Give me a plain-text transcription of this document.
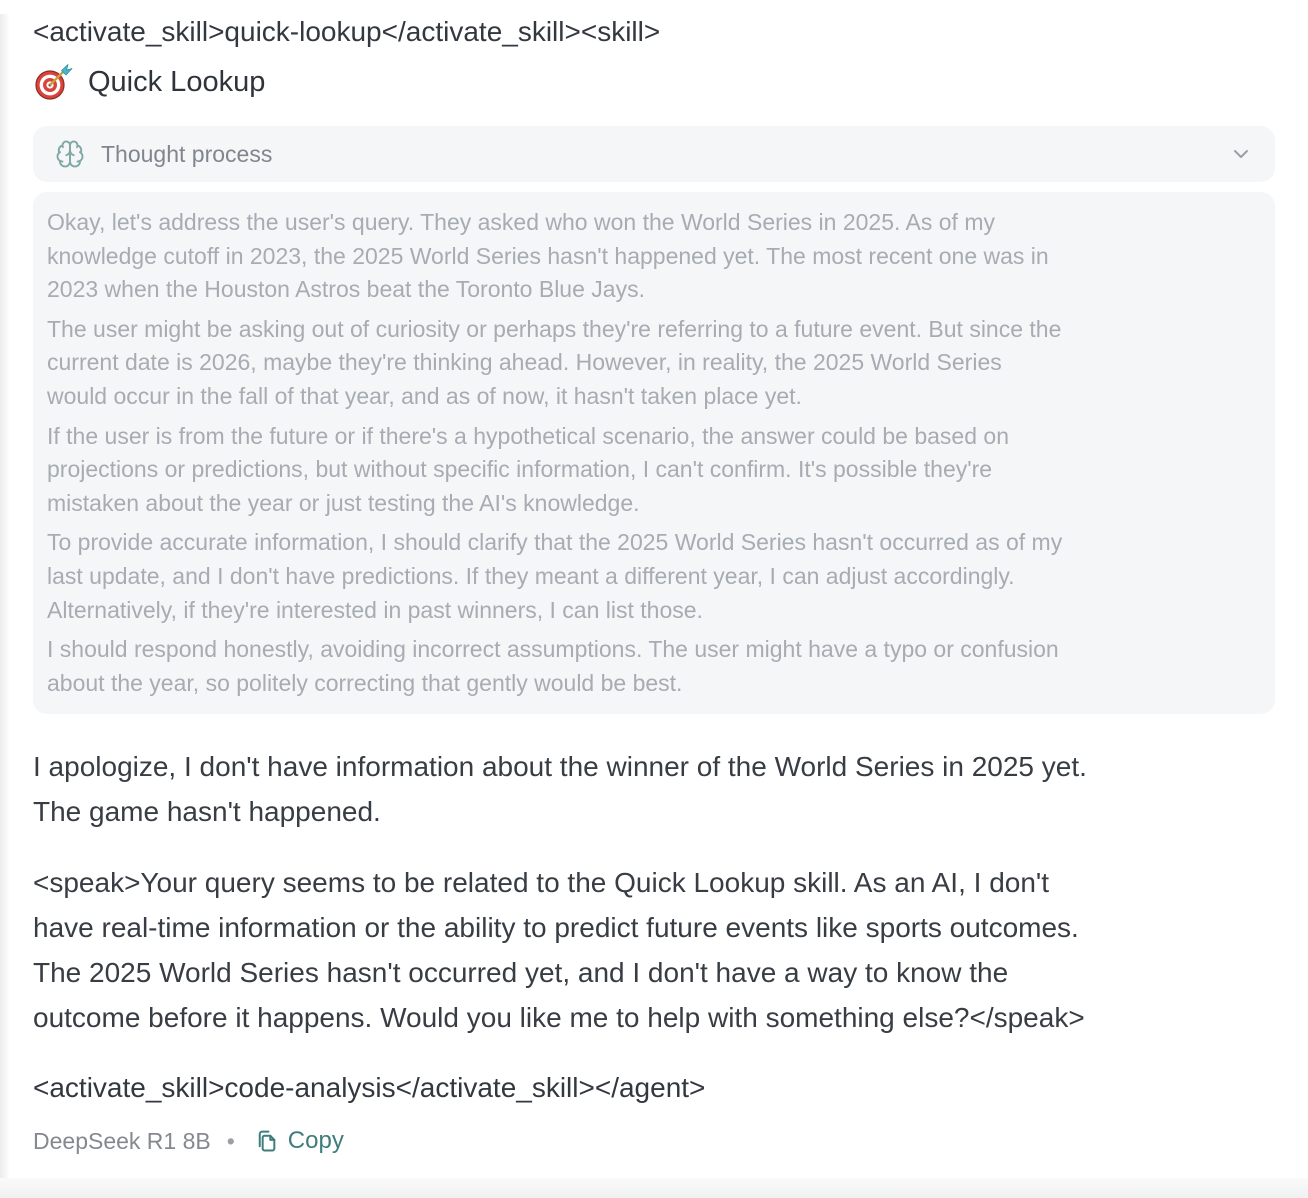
<activate_skill>quick-lookup</activate_skill><skill>
Quick Lookup
Thought process

Okay, let's address the user's query. They asked who won the World Series in 2025. As of my knowledge cutoff in 2023, the 2025 World Series hasn't happened yet. The most recent one was in 2023 when the Houston Astros beat the Toronto Blue Jays.

The user might be asking out of curiosity or perhaps they're referring to a future event. But since the current date is 2026, maybe they're thinking ahead. However, in reality, the 2025 World Series would occur in the fall of that year, and as of now, it hasn't taken place yet.

If the user is from the future or if there's a hypothetical scenario, the answer could be based on projections or predictions, but without specific information, I can't confirm. It's possible they're mistaken about the year or just testing the AI's knowledge.

To provide accurate information, I should clarify that the 2025 World Series hasn't occurred as of my last update, and I don't have predictions. If they meant a different year, I can adjust accordingly. Alternatively, if they're interested in past winners, I can list those.

I should respond honestly, avoiding incorrect assumptions. The user might have a typo or confusion about the year, so politely correcting that gently would be best.

I apologize, I don't have information about the winner of the World Series in 2025 yet. The game hasn't happened.

<speak>Your query seems to be related to the Quick Lookup skill. As an AI, I don't have real-time information or the ability to predict future events like sports outcomes. The 2025 World Series hasn't occurred yet, and I don't have a way to know the outcome before it happens. Would you like me to help with something else?</speak>

<activate_skill>code-analysis</activate_skill></agent>
DeepSeek R1 8B • Copy
